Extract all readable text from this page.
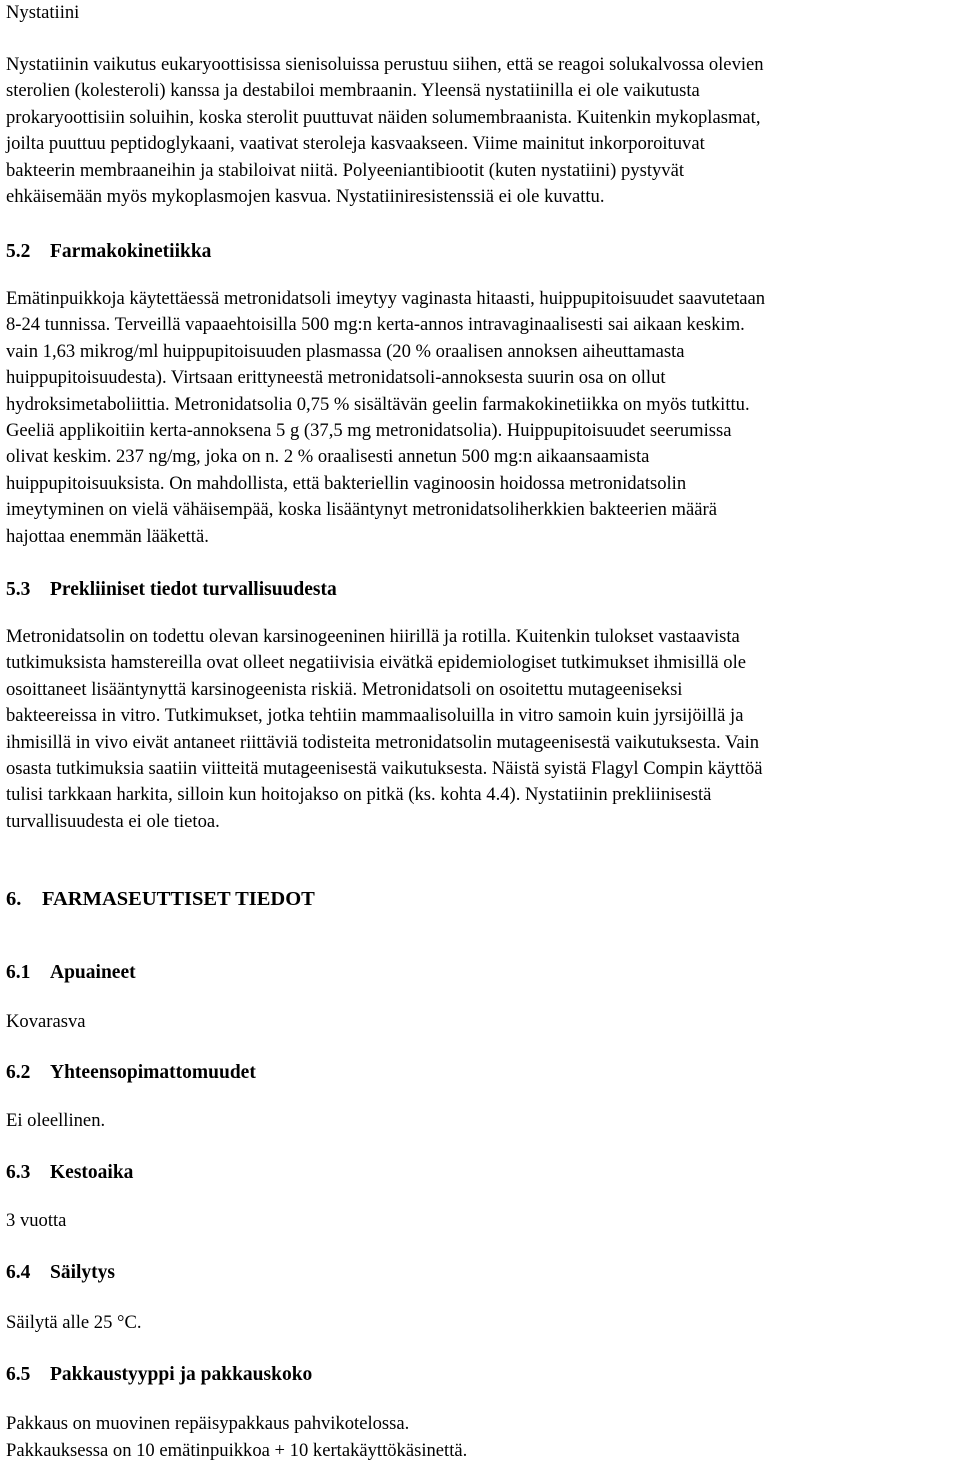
Nystatiini
Nystatiinin vaikutus eukaryoottisissa sienisoluissa perustuu siihen, että se reagoi solukalvossa olevien
sterolien (kolesteroli) kanssa ja destabiloi membraanin. Yleensä nystatiinilla ei ole vaikutusta
prokaryoottisiin soluihin, koska sterolit puuttuvat näiden solumembraanista. Kuitenkin mykoplasmat,
joilta puuttuu peptidoglykaani, vaativat steroleja kasvaakseen. Viime mainitut inkorporoituvat
bakteerin membraaneihin ja stabiloivat niitä. Polyeeniantibiootit (kuten nystatiini) pystyvät
ehkäisemään myös mykoplasmojen kasvua. Nystatiiniresistenssiä ei ole kuvattu.
5.2 Farmakokinetiikka
Emätinpuikkoja käytettäessä metronidatsoli imeytyy vaginasta hitaasti, huippupitoisuudet saavutetaan
8-24 tunnissa. Terveillä vapaaehtoisilla 500 mg:n kerta-annos intravaginaalisesti sai aikaan keskim.
vain 1,63 mikrog/ml huippupitoisuuden plasmassa (20 % oraalisen annoksen aiheuttamasta
huippupitoisuudesta). Virtsaan erittyneestä metronidatsoli-annoksesta suurin osa on ollut
hydroksimetaboliittia. Metronidatsolia 0,75 % sisältävän geelin farmakokinetiikka on myös tutkittu.
Geeliä applikoitiin kerta-annoksena 5 g (37,5 mg metronidatsolia). Huippupitoisuudet seerumissa
olivat keskim. 237 ng/mg, joka on n. 2 % oraalisesti annetun 500 mg:n aikaansaamista
huippupitoisuuksista. On mahdollista, että bakteriellin vaginoosin hoidossa metronidatsolin
imeytyminen on vielä vähäisempää, koska lisääntynyt metronidatsoliherkkien bakteerien määrä
hajottaa enemmän lääkettä.
5.3 Prekliiniset tiedot turvallisuudesta
Metronidatsolin on todettu olevan karsinogeeninen hiirillä ja rotilla. Kuitenkin tulokset vastaavista
tutkimuksista hamstereilla ovat olleet negatiivisia eivätkä epidemiologiset tutkimukset ihmisillä ole
osoittaneet lisääntynyttä karsinogeenista riskiä. Metronidatsoli on osoitettu mutageeniseksi
bakteereissa in vitro. Tutkimukset, jotka tehtiin mammaalisoluilla in vitro samoin kuin jyrsijöillä ja
ihmisillä in vivo eivät antaneet riittäviä todisteita metronidatsolin mutageenisestä vaikutuksesta. Vain
osasta tutkimuksia saatiin viitteitä mutageenisestä vaikutuksesta. Näistä syistä Flagyl Compin käyttöä
tulisi tarkkaan harkita, silloin kun hoitojakso on pitkä (ks. kohta 4.4). Nystatiinin prekliinisestä
turvallisuudesta ei ole tietoa.
6. FARMASEUTTISET TIEDOT
6.1 Apuaineet
Kovarasva
6.2 Yhteensopimattomuudet
Ei oleellinen.
6.3 Kestoaika
3 vuotta
6.4 Säilytys
Säilytä alle 25 °C.
6.5 Pakkaustyyppi ja pakkauskoko
Pakkaus on muovinen repäisypakkaus pahvikotelossa.
Pakkauksessa on 10 emätinpuikkoa + 10 kertakäyttökäsinettä.
